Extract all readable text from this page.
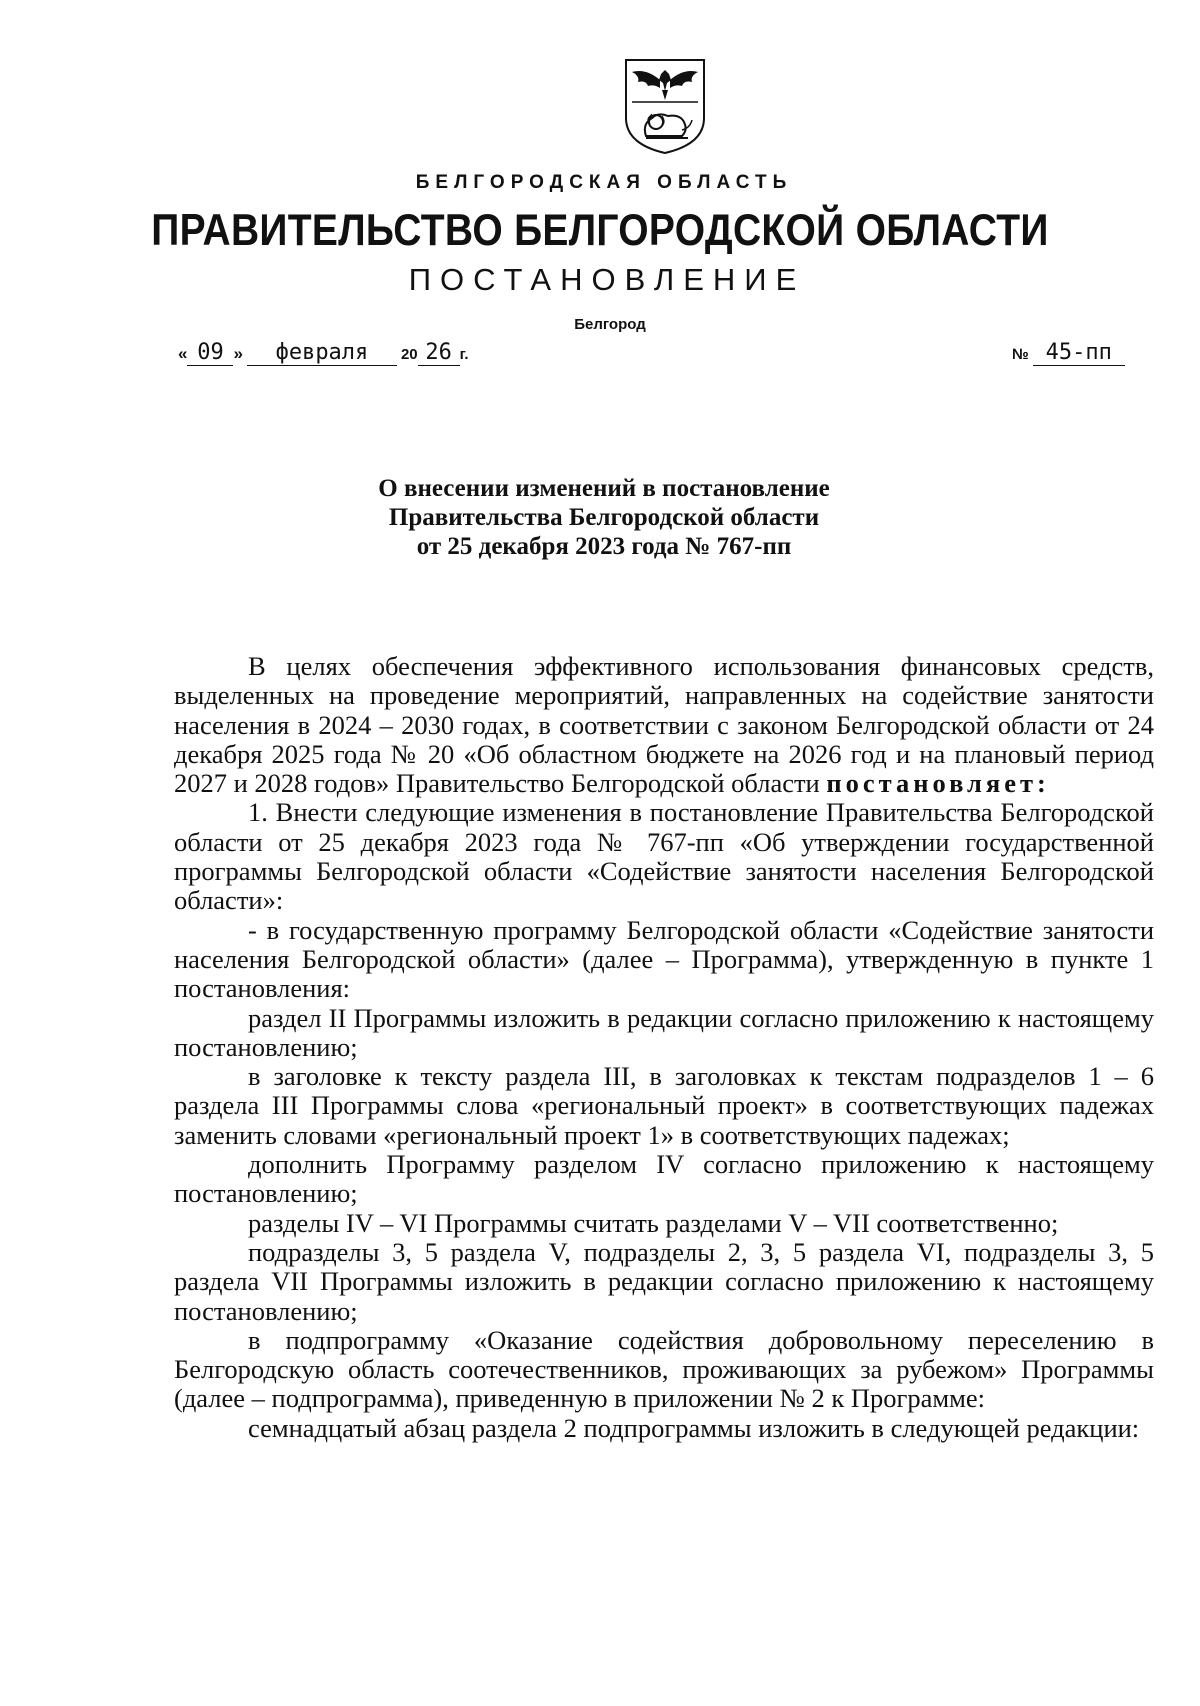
БЕЛГОРОДСКАЯ ОБЛАСТЬ
ПРАВИТЕЛЬСТВО БЕЛГОРОДСКОЙ ОБЛАСТИ
ПОСТАНОВЛЕНИЕ
Белгород
« 09 » февраля 20 26 г.	№ 45-пп
О внесении изменений в постановление
Правительства Белгородской области
от 25 декабря 2023 года № 767-пп

В целях обеспечения эффективного использования финансовых средств, выделенных на проведение мероприятий, направленных на содействие занятости населения в 2024 – 2030 годах, в соответствии с законом Белгородской области от 24 декабря 2025 года № 20 «Об областном бюджете на 2026 год и на плановый период 2027 и 2028 годов» Правительство Белгородской области постановляет:

1. Внести следующие изменения в постановление Правительства Белгородской области от 25 декабря 2023 года № 767-пп «Об утверждении государственной программы Белгородской области «Содействие занятости населения Белгородской области»:

- в государственную программу Белгородской области «Содействие занятости населения Белгородской области» (далее – Программа), утвержденную в пункте 1 постановления:

раздел II Программы изложить в редакции согласно приложению к настоящему постановлению;

в заголовке к тексту раздела III, в заголовках к текстам подразделов 1 – 6 раздела III Программы слова «региональный проект» в соответствующих падежах заменить словами «региональный проект 1» в соответствующих падежах;

дополнить Программу разделом IV согласно приложению к настоящему постановлению;

разделы IV – VI Программы считать разделами V – VII соответственно;

подразделы 3, 5 раздела V, подразделы 2, 3, 5 раздела VI, подразделы 3, 5 раздела VII Программы изложить в редакции согласно приложению к настоящему постановлению;

в подпрограмму «Оказание содействия добровольному переселению в Белгородскую область соотечественников, проживающих за рубежом» Программы (далее – подпрограмма), приведенную в приложении № 2 к Программе:

семнадцатый абзац раздела 2 подпрограммы изложить в следующей редакции:
